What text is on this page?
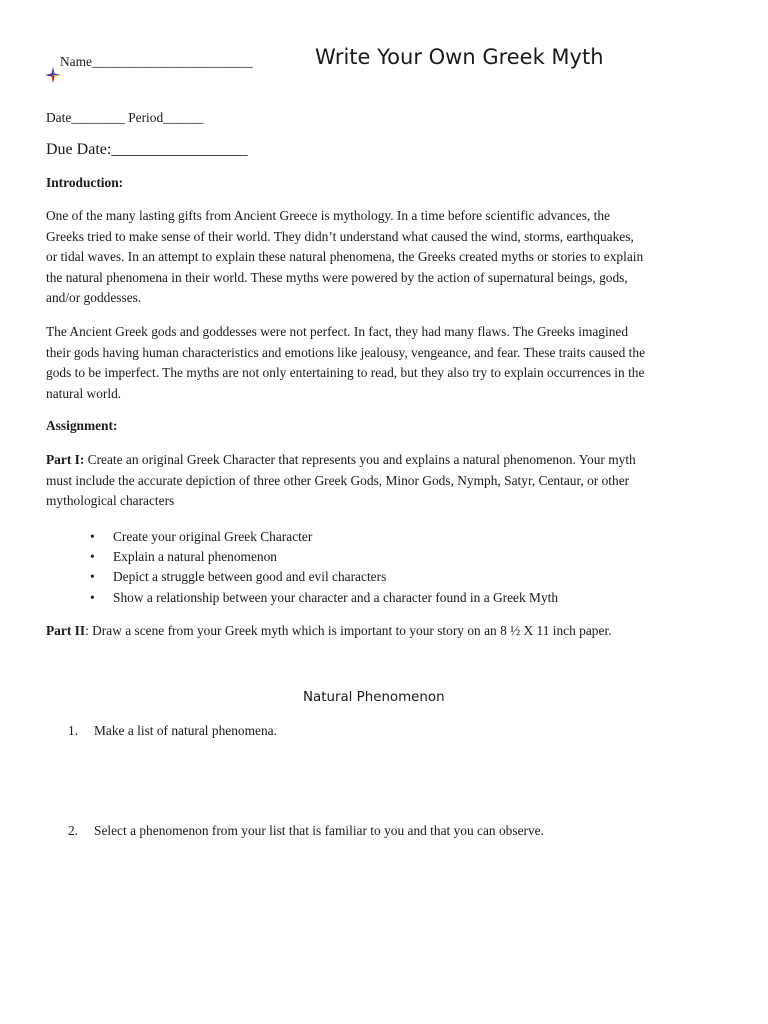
Name________________________	Write Your Own Greek Myth
Date________ Period______
Due Date:_________________
Introduction:
One of the many lasting gifts from Ancient Greece is mythology. In a time before scientific advances, the
Greeks tried to make sense of their world. They didn’t understand what caused the wind, storms, earthquakes,
or tidal waves. In an attempt to explain these natural phenomena, the Greeks created myths or stories to explain
the natural phenomena in their world. These myths were powered by the action of supernatural beings, gods,
and/or goddesses.
The Ancient Greek gods and goddesses were not perfect. In fact, they had many flaws. The Greeks imagined
their gods having human characteristics and emotions like jealousy, vengeance, and fear. These traits caused the
gods to be imperfect. The myths are not only entertaining to read, but they also try to explain occurrences in the
natural world.
Assignment:
Part I: Create an original Greek Character that represents you and explains a natural phenomenon. Your myth
must include the accurate depiction of three other Greek Gods, Minor Gods, Nymph, Satyr, Centaur, or other
mythological characters
• Create your original Greek Character
• Explain a natural phenomenon
• Depict a struggle between good and evil characters
• Show a relationship between your character and a character found in a Greek Myth
Part II: Draw a scene from your Greek myth which is important to your story on an 8 ½ X 11 inch paper.
Natural Phenomenon
1. Make a list of natural phenomena.
2. Select a phenomenon from your list that is familiar to you and that you can observe.
